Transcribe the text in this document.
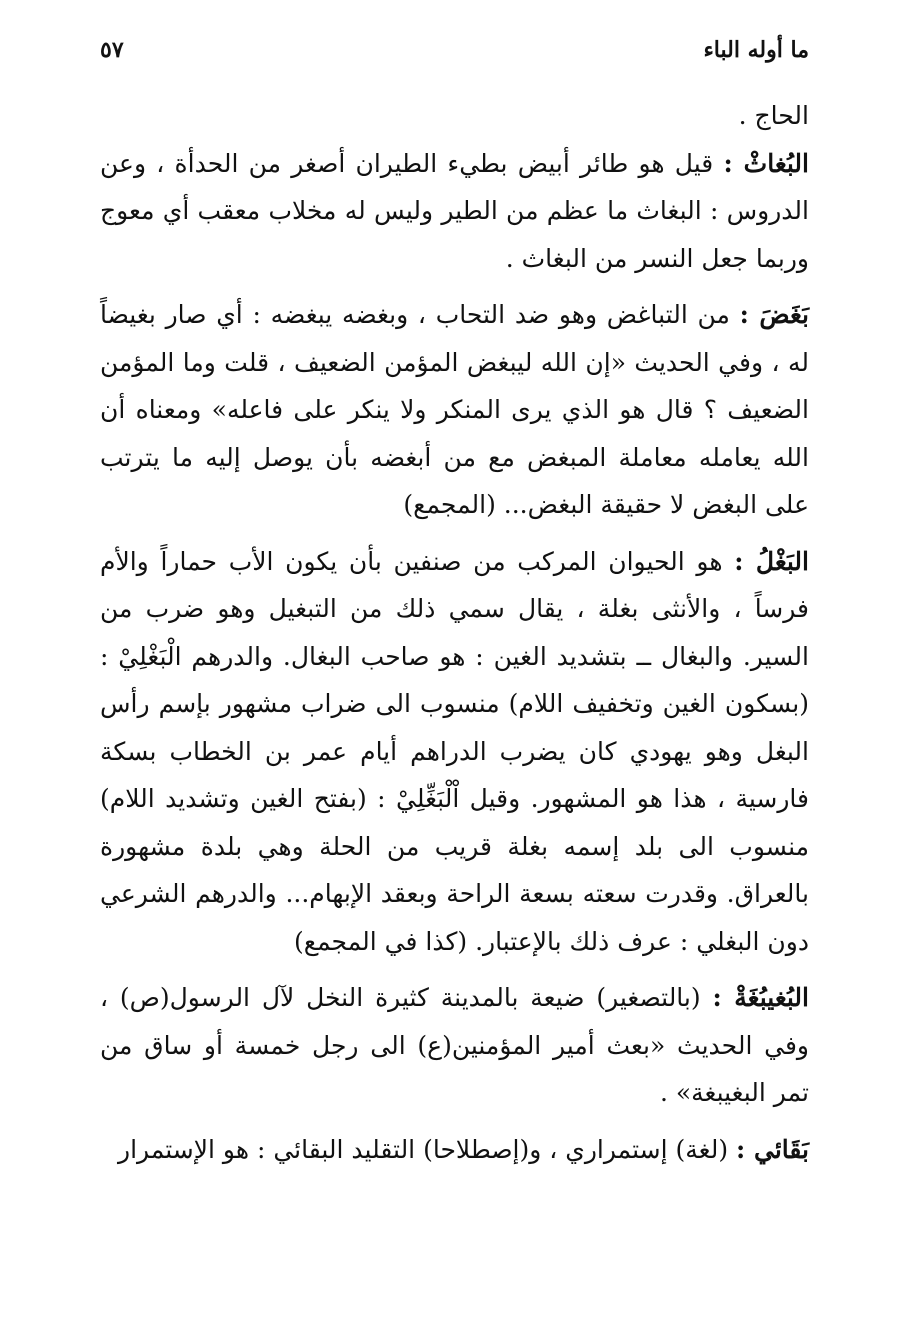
ما أوله الباء
٥٧

الحاج .

البُغاثْ : قيل هو طائر أبيض بطيء الطيران أصغر من الحدأة ، وعن الدروس : البغاث ما عظم من الطير وليس له مخلاب معقب أي معوج وربما جعل النسر من البغاث .

بَغَضَ : من التباغض وهو ضد التحاب ، وبغضه يبغضه : أي صار بغيضاً له ، وفي الحديث «إن الله ليبغض المؤمن الضعيف ، قلت وما المؤمن الضعيف ؟ قال هو الذي يرى المنكر ولا ينكر على فاعله» ومعناه أن الله يعامله معاملة المبغض مع من أبغضه بأن يوصل إليه ما يترتب على البغض لا حقيقة البغض... (المجمع)

البَغْلُ : هو الحيوان المركب من صنفين بأن يكون الأب حماراً والأم فرساً ، والأنثى بغلة ، يقال سمي ذلك من التبغيل وهو ضرب من السير. والبغال ــ بتشديد الغين : هو صاحب البغال. والدرهم الْبَغْلِيْ : (بسكون الغين وتخفيف اللام) منسوب الى ضراب مشهور بإسم رأس البغل وهو يهودي كان يضرب الدراهم أيام عمر بن الخطاب بسكة فارسية ، هذا هو المشهور. وقيل اْلْبَغِّلِيْ : (بفتح الغين وتشديد اللام) منسوب الى بلد إسمه بغلة قريب من الحلة وهي بلدة مشهورة بالعراق. وقدرت سعته بسعة الراحة وبعقد الإبهام... والدرهم الشرعي دون البغلي : عرف ذلك بالإعتبار. (كذا في المجمع)

البُغيبُغَةْ : (بالتصغير) ضيعة بالمدينة كثيرة النخل لآل الرسول(ص) ، وفي الحديث «بعث أمير المؤمنين(ع) الى رجل خمسة أو ساق من تمر البغيبغة» .

بَقَائي : (لغة) إستمراري ، و(إصطلاحا) التقليد البقائي : هو الإستمرار
